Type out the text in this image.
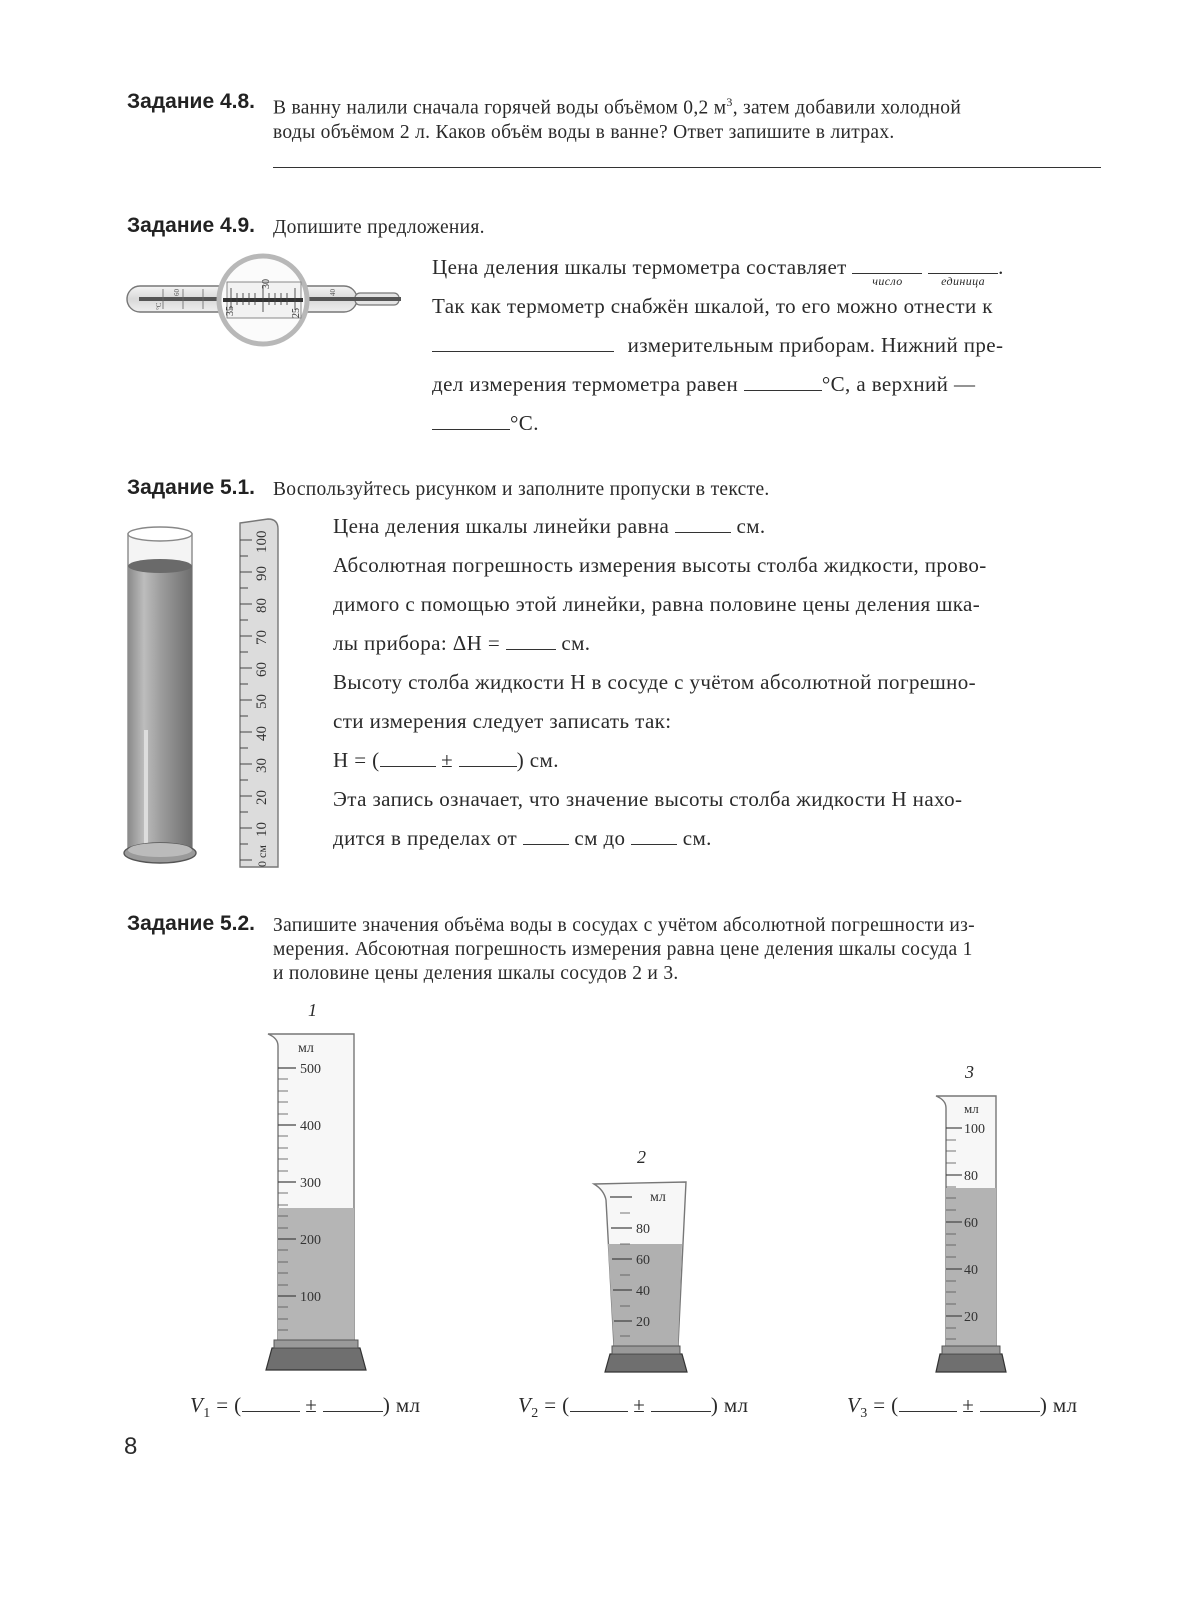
Задание 4.8. В ванну налили сначала горячей воды объёмом 0,2 $м^3$, затем добавили холодной
воды объёмом 2 л. Каков объём воды в ванне? Ответ запишите в литрах.
Задание 4.9. Допишите предложения.
35
30
25
°C
60	40
Цена деления шкалы термометра составляет
число
	единица
.
Так как термометр снабжён шкалой, то его можно отнести к
измерительным приборам. Нижний пре-
дел измерения термометра равен	°С, а верхний —
°С.
Задание 5.1. Воспользуйтесь рисунком и заполните пропуски в тексте.
0 см
10
20
30
40
50
60
70
80
90
100
Цена деления шкалы линейки равна	см.
Абсолютная погрешность измерения высоты столба жидкости, прово-
димого с помощью этой линейки, равна половине цены деления шка-
лы прибора: ΔH =	см.
Высоту столба жидкости H в сосуде с учётом абсолютной погрешно-
сти измерения следует записать так:
H = (	±	) см.
Эта запись означает, что значение высоты столба жидкости H нахо-
дится в пределах от	см до	см.
Задание 5.2. Запишите значения объёма воды в сосудах с учётом абсолютной погрешности из-
мерения. Абсоютная погрешность измерения равна цене деления шкалы сосуда 1
и половине цены деления шкалы сосудов 2 и 3.
1
мл
500
400
300
200
100
2
мл
80
60
40
20
3
мл
100
80
60
40
20
$V_1$ = (	±	) мл	$V_2$ = (	±	) мл	$V_3$ = (	±	) мл
8
